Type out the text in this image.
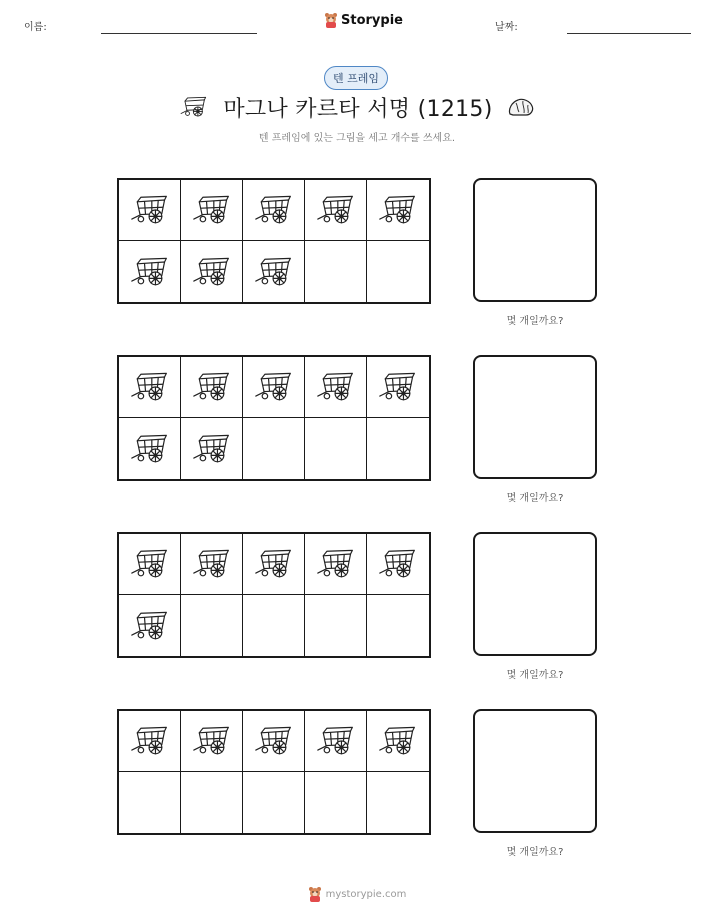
이름:	Storypie	날짜:
텐 프레임
마그나 카르타 서명 (1215)
텐 프레임에 있는 그림을 세고 개수를 쓰세요.
몇 개일까요?
몇 개일까요?
몇 개일까요?
몇 개일까요?
mystorypie.com
